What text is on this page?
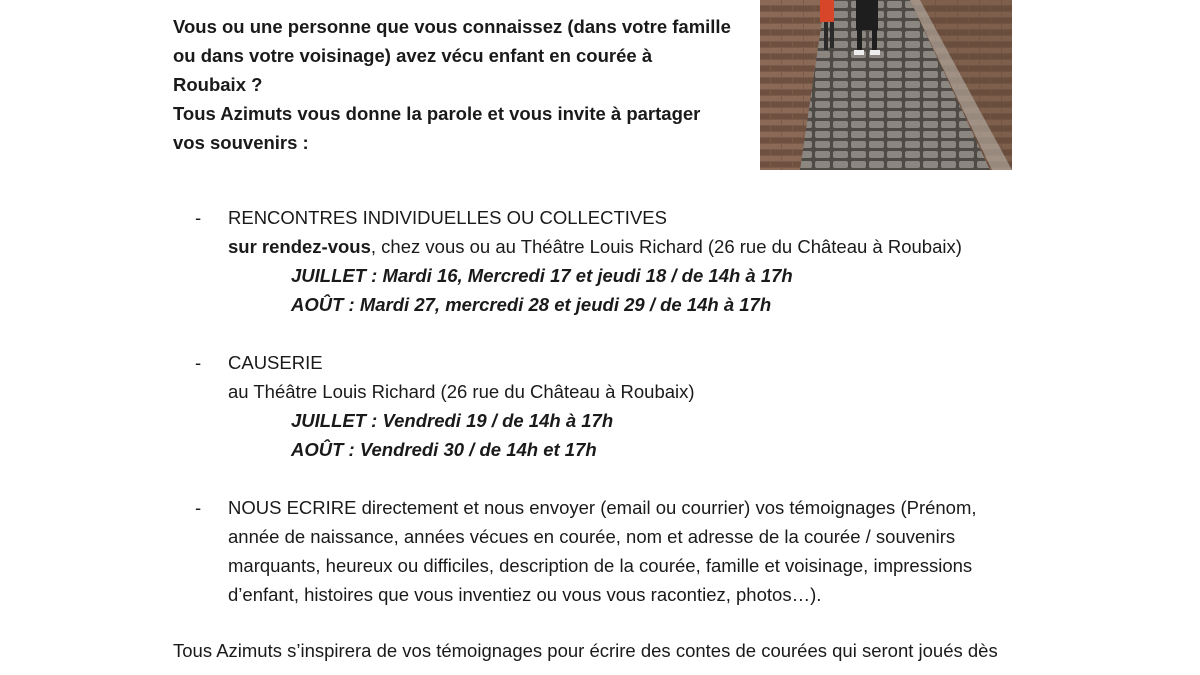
Vous ou une personne que vous connaissez (dans votre famille
ou dans votre voisinage) avez vécu enfant en courée à
Roubaix ?
Tous Azimuts vous donne la parole et vous invite à partager
vos souvenirs :
- RENCONTRES INDIVIDUELLES OU COLLECTIVES
sur rendez-vous, chez vous ou au Théâtre Louis Richard (26 rue du Château à Roubaix)
JUILLET : Mardi 16, Mercredi 17 et jeudi 18 / de 14h à 17h
AOÛT : Mardi 27, mercredi 28 et jeudi 29 / de 14h à 17h
- CAUSERIE
au Théâtre Louis Richard (26 rue du Château à Roubaix)
JUILLET : Vendredi 19 / de 14h à 17h
AOÛT : Vendredi 30 / de 14h et 17h
- NOUS ECRIRE directement et nous envoyer (email ou courrier) vos témoignages (Prénom,
année de naissance, années vécues en courée, nom et adresse de la courée / souvenirs
marquants, heureux ou difficiles, description de la courée, famille et voisinage, impressions
d’enfant, histoires que vous inventiez ou vous vous racontiez, photos…).
Tous Azimuts s’inspirera de vos témoignages pour écrire des contes de courées qui seront joués dès
